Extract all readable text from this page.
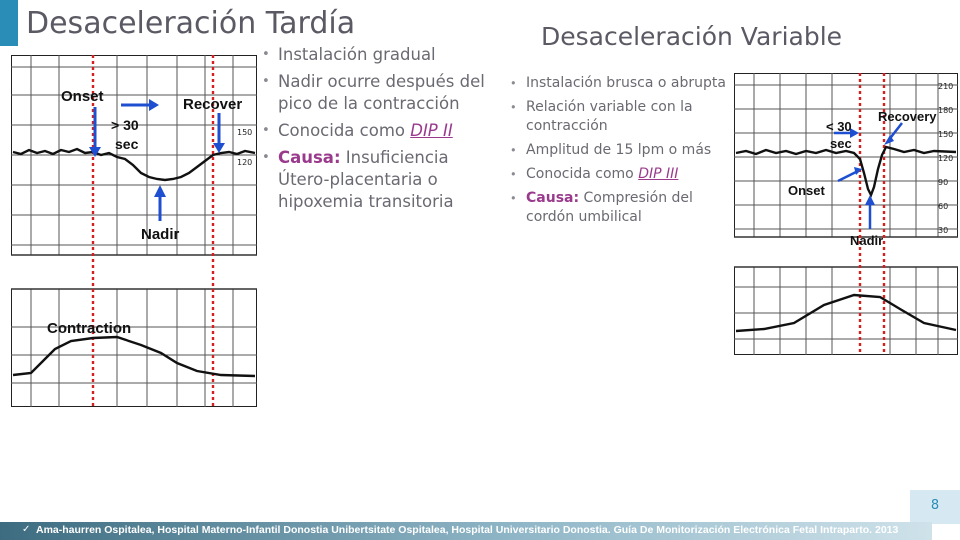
Desaceleración Tardía
Onset
> 30
sec
Recover
Nadir
Contraction
150
120
• Instalación gradual
• Nadir ocurre después del pico de la contracción
• Conocida como DIP II
• Causa: Insuficiencia Útero-placentaria o hipoxemia transitoria
Desaceleración Variable
• Instalación brusca o abrupta
• Relación variable con la contracción
• Amplitud de 15 lpm o más
• Conocida como DIP III
• Causa: Compresión del cordón umbilical
< 30
sec
Recovery
Onset
Nadir
210
180
150
120
90
60
30
8
✓ Ama-haurren Ospitalea, Hospital Materno-Infantil Donostia Unibertsitate Ospitalea, Hospital Universitario Donostia. Guía De Monitorización Electrónica Fetal Intraparto. 2013
